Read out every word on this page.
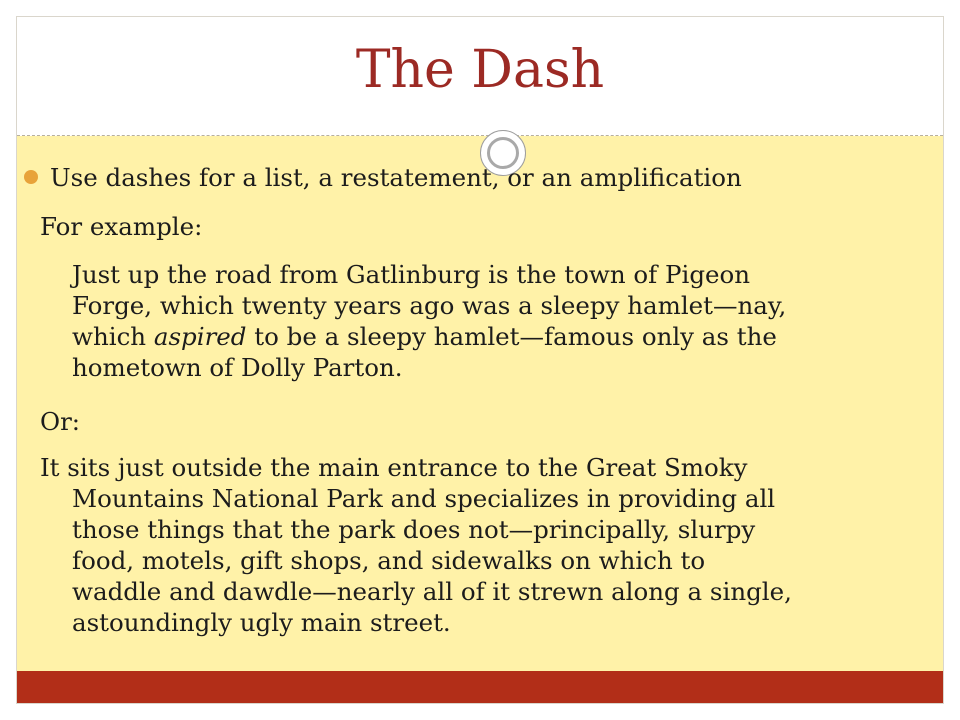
The Dash
Use dashes for a list, a restatement, or an amplification
For example:
Just up the road from Gatlinburg is the town of Pigeon
Forge, which twenty years ago was a sleepy hamlet—nay,
which aspired to be a sleepy hamlet—famous only as the
hometown of Dolly Parton.
Or:
It sits just outside the main entrance to the Great Smoky
Mountains National Park and specializes in providing all
those things that the park does not—principally, slurpy
food, motels, gift shops, and sidewalks on which to
waddle and dawdle—nearly all of it strewn along a single,
astoundingly ugly main street.
